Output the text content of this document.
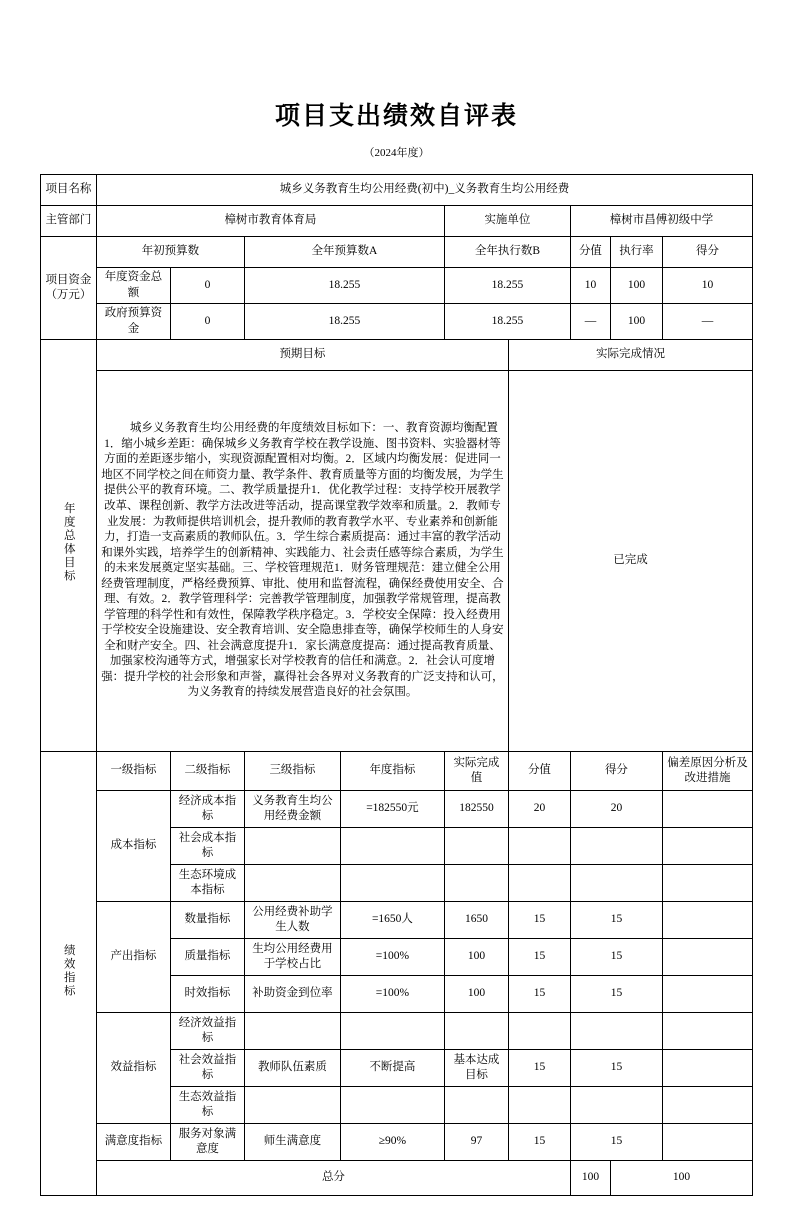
项目支出绩效自评表
（2024年度）
项目名称	城乡义务教育生均公用经费(初中)_义务教育生均公用经费									
主管部门	樟树市教育体育局				实施单位		樟树市昌傅初级中学			
项目资金（万元）	年初预算数		全年预算数A		全年执行数B		分值	执行率	得分	
	年度资金总额	0	18.255		18.255		10	100	10	
	政府预算资金	0	18.255		18.255		—	100	—	
年度总体目标	预期目标					实际完成情况				
	城乡义务教育生均公用经费的年度绩效目标如下：一、教育资源均衡配置1．缩小城乡差距：确保城乡义务教育学校在教学设施、图书资料、实验器材等方面的差距逐步缩小，实现资源配置相对均衡。2．区域内均衡发展：促进同一地区不同学校之间在师资力量、教学条件、教育质量等方面的均衡发展，为学生提供公平的教育环境。二、教学质量提升1．优化教学过程：支持学校开展教学改革、课程创新、教学方法改进等活动，提高课堂教学效率和质量。2．教师专业发展：为教师提供培训机会，提升教师的教育教学水平、专业素养和创新能力，打造一支高素质的教师队伍。3．学生综合素质提高：通过丰富的教学活动和课外实践，培养学生的创新精神、实践能力、社会责任感等综合素质，为学生的未来发展奠定坚实基础。三、学校管理规范1．财务管理规范：建立健全公用经费管理制度，严格经费预算、审批、使用和监督流程，确保经费使用安全、合理、有效。2．教学管理科学：完善教学管理制度，加强教学常规管理，提高教学管理的科学性和有效性，保障教学秩序稳定。3．学校安全保障：投入经费用于学校安全设施建设、安全教育培训、安全隐患排查等，确保学校师生的人身安全和财产安全。四、社会满意度提升1．家长满意度提高：通过提高教育质量、加强家校沟通等方式，增强家长对学校教育的信任和满意。2．社会认可度增强：提升学校的社会形象和声誉，赢得社会各界对义务教育的广泛支持和认可，为义务教育的持续发展营造良好的社会氛围。					已完成				
绩效指标	一级指标	二级指标	三级指标	年度指标	实际完成值	分值	得分		偏差原因分析及改进措施	
	成本指标	经济成本指标	义务教育生均公用经费金额	=182550元	182550	20	20			
		社会成本指标								
		生态环境成本指标								
	产出指标	数量指标	公用经费补助学生人数	=1650人	1650	15	15			
		质量指标	生均公用经费用于学校占比	=100%	100	15	15			
		时效指标	补助资金到位率	=100%	100	15	15			
	效益指标	经济效益指标								
		社会效益指标	教师队伍素质	不断提高	基本达成目标	15	15			
		生态效益指标								
	满意度指标	服务对象满意度	师生满意度	≥90%	97	15	15			
	总分						100	100		
